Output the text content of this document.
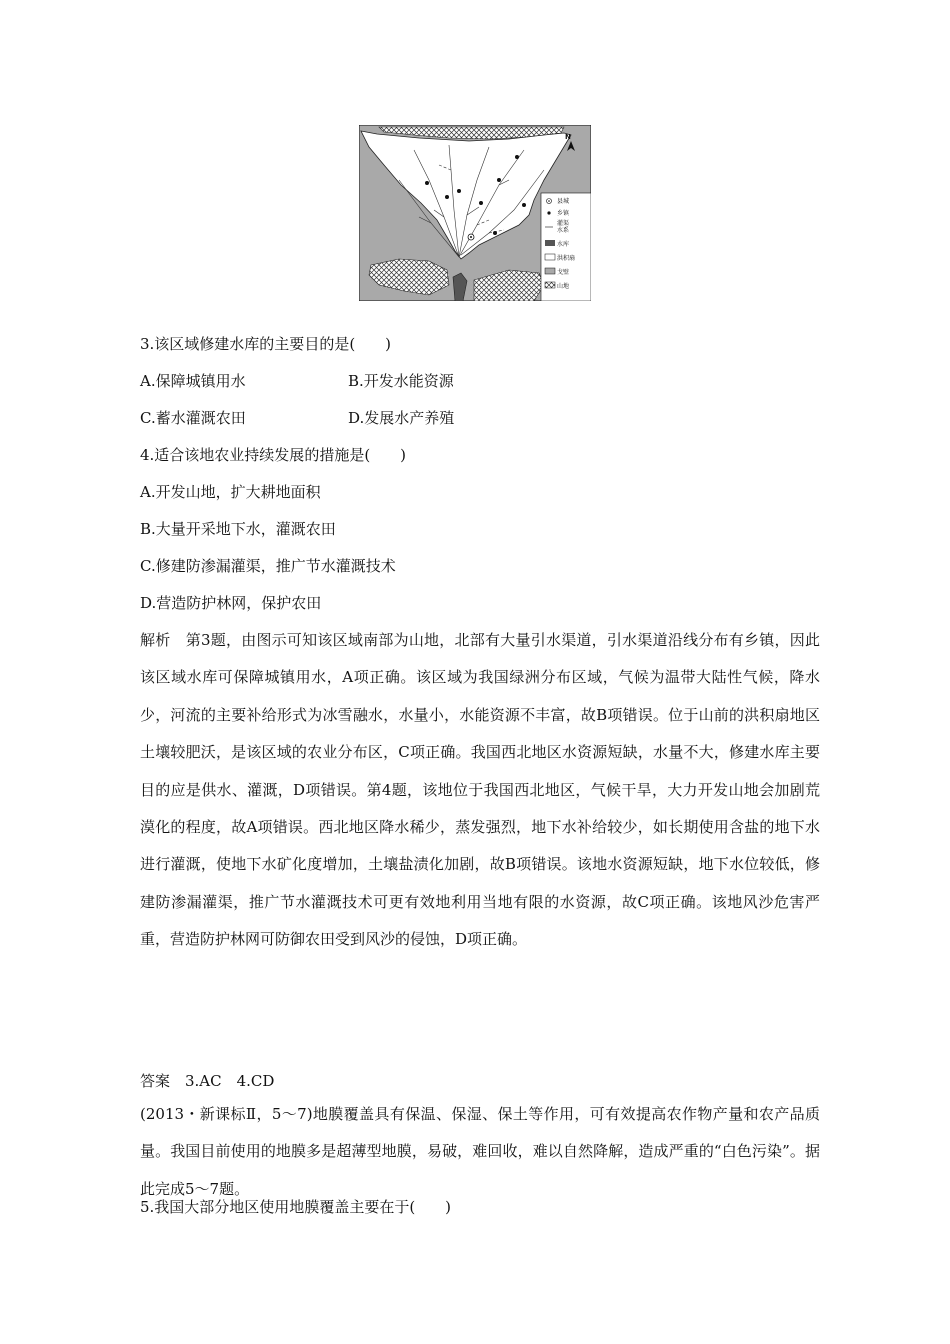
N
县城
乡镇
灌渠
水系
水库
洪积扇
戈壁
山地
3.该区域修建水库的主要目的是(　　)
A.保障城镇用水	B.开发水能资源
C.蓄水灌溉农田	D.发展水产养殖
4.适合该地农业持续发展的措施是(　　)
A.开发山地，扩大耕地面积
B.大量开采地下水，灌溉农田
C.修建防渗漏灌渠，推广节水灌溉技术
D.营造防护林网，保护农田
解析　第3题，由图示可知该区域南部为山地，北部有大量引水渠道，引水渠道沿线分布有乡镇，因此该区域水库可保障城镇用水，A项正确。该区域为我国绿洲分布区域，气候为温带大陆性气候，降水少，河流的主要补给形式为冰雪融水，水量小，水能资源不丰富，故B项错误。位于山前的洪积扇地区土壤较肥沃，是该区域的农业分布区，C项正确。我国西北地区水资源短缺，水量不大，修建水库主要目的应是供水、灌溉，D项错误。第4题，该地位于我国西北地区，气候干旱，大力开发山地会加剧荒漠化的程度，故A项错误。西北地区降水稀少，蒸发强烈，地下水补给较少，如长期使用含盐的地下水进行灌溉，使地下水矿化度增加，土壤盐渍化加剧，故B项错误。该地水资源短缺，地下水位较低，修建防渗漏灌渠，推广节水灌溉技术可更有效地利用当地有限的水资源，故C项正确。该地风沙危害严重，营造防护林网可防御农田受到风沙的侵蚀，D项正确。
答案　3.AC　4.CD
(2013・新课标Ⅱ，5～7)地膜覆盖具有保温、保湿、保土等作用，可有效提高农作物产量和农产品质量。我国目前使用的地膜多是超薄型地膜，易破，难回收，难以自然降解，造成严重的“白色污染”。据此完成5～7题。
5.我国大部分地区使用地膜覆盖主要在于(　　)
